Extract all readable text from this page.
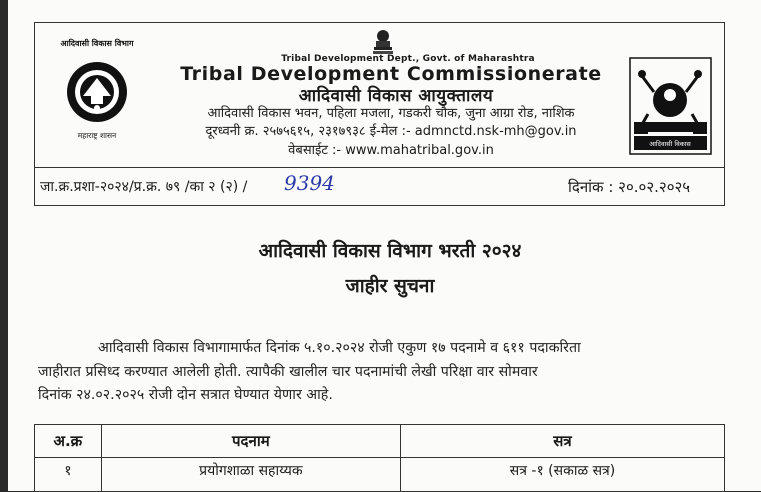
आदिवासी विकास विभाग
महाराष्ट्र शासन
आदिवासी विकास
Tribal Development Dept., Govt. of Maharashtra
Tribal Development Commissionerate
आदिवासी विकास आयुक्तालय
आदिवासी विकास भवन, पहिला मजला, गडकरी चौक, जुना आग्रा रोड, नाशिक
दूरध्वनी क्र. २५७५६१५, २३१७९३८ ई-मेल :- admnctd.nsk-mh@gov.in
वेबसाईट :- www.mahatribal.gov.in
जा.क्र.प्रशा-२०२४/प्र.क्र. ७९ /का २ (२) / 9394	दिनांक : २०.०२.२०२५
आदिवासी विकास विभाग भरती २०२४
जाहीर सुचना
आदिवासी विकास विभागामार्फत दिनांक ५.१०.२०२४ रोजी एकुण १७ पदनामे व ६११ पदाकरिता
जाहीरात प्रसिध्द करण्यात आलेली होती. त्यापैकी खालील चार पदनामांची लेखी परिक्षा वार सोमवार
दिनांक २४.०२.२०२५ रोजी दोन सत्रात घेण्यात येणार आहे.
अ.क्र	पदनाम	सत्र
१	प्रयोगशाळा सहाय्यक	सत्र -१ (सकाळ सत्र)
